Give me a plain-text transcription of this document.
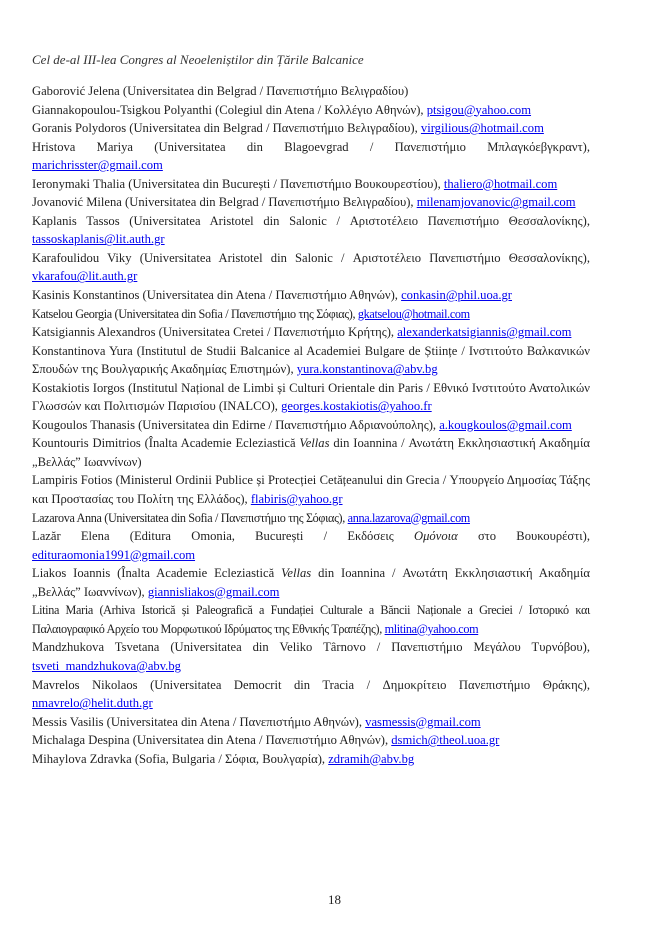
Cel de-al III-lea Congres al Neoeleniștilor din Țările Balcanice

Gaborović Jelena (Universitatea din Belgrad / Πανεπιστήμιο Βελιγραδίου)

Giannakopoulou-Tsigkou Polyanthi (Colegiul din Atena / Κολλέγιο Αθηνών), ptsigou@yahoo.com

Goranis Polydoros (Universitatea din Belgrad / Πανεπιστήμιο Βελιγραδίου), virgilious@hotmail.com

Hristova Mariya (Universitatea din Blagoevgrad / Πανεπιστήμιο Μπλαγκόεβγκραντ), marichrisster@gmail.com

Ieronymaki Thalia (Universitatea din București / Πανεπιστήμιο Βουκουρεστίου), thaliero@hotmail.com

Jovanović Milena (Universitatea din Belgrad / Πανεπιστήμιο Βελιγραδίου), milenamjovanovic@gmail.com

Kaplanis Tassos (Universitatea Aristotel din Salonic / Αριστοτέλειο Πανεπιστήμιο Θεσσαλονίκης), tassoskaplanis@lit.auth.gr

Karafoulidou Viky (Universitatea Aristotel din Salonic / Αριστοτέλειο Πανεπιστήμιο Θεσσαλονίκης), vkarafou@lit.auth.gr

Kasinis Konstantinos (Universitatea din Atena / Πανεπιστήμιο Αθηνών), conkasin@phil.uoa.gr

Katselou Georgia (Universitatea din Sofia / Πανεπιστήμιο της Σόφιας), gkatselou@hotmail.com

Katsigiannis Alexandros (Universitatea Cretei / Πανεπιστήμιο Κρήτης), alexanderkatsigiannis@gmail.com

Konstantinova Yura (Institutul de Studii Balcanice al Academiei Bulgare de Științe / Ινστιτούτο Βαλκανικών Σπουδών της Βουλγαρικής Ακαδημίας Επιστημών), yura.konstantinova@abv.bg

Kostakiotis Iorgos (Institutul Național de Limbi și Culturi Orientale din Paris / Εθνικό Ινστιτούτο Ανατολικών Γλωσσών και Πολιτισμών Παρισίου (INALCO), georges.kostakiotis@yahoo.fr

Kougoulos Thanasis (Universitatea din Edirne / Πανεπιστήμιο Αδριανούπολης), a.kougkoulos@gmail.com

Kountouris Dimitrios (Înalta Academie Ecleziastică Vellas din Ioannina / Ανωτάτη Εκκλησιαστική Ακαδημία „Βελλάς” Ιωαννίνων)

Lampiris Fotios (Ministerul Ordinii Publice și Protecției Cetățeanului din Grecia / Υπουργείο Δημοσίας Τάξης και Προστασίας του Πολίτη της Ελλάδος), flabiris@yahoo.gr

Lazarova Anna (Universitatea din Sofia / Πανεπιστήμιο της Σόφιας), anna.lazarova@gmail.com

Lazăr Elena (Editura Omonia, București / Εκδόσεις Ομόνοια στο Βουκουρέστι), edituraomonia1991@gmail.com

Liakos Ioannis (Înalta Academie Ecleziastică Vellas din Ioannina / Ανωτάτη Εκκλησιαστική Ακαδημία „Βελλάς” Ιωαννίνων), giannisliakos@gmail.com

Litina Maria (Arhiva Istorică și Paleografică a Fundației Culturale a Băncii Naționale a Greciei / Ιστορικό και Παλαιογραφικό Αρχείο του Μορφωτικού Ιδρύματος της Εθνικής Τραπέζης), mlitina@yahoo.com

Mandzhukova Tsvetana (Universitatea din Veliko Târnovo / Πανεπιστήμιο Μεγάλου Τυρνόβου), tsveti_mandzhukova@abv.bg

Mavrelos Nikolaos (Universitatea Democrit din Tracia / Δημοκρίτειο Πανεπιστήμιο Θράκης), nmavrelo@helit.duth.gr

Messis Vasilis (Universitatea din Atena / Πανεπιστήμιο Αθηνών), vasmessis@gmail.com

Michalaga Despina (Universitatea din Atena / Πανεπιστήμιο Αθηνών), dsmich@theol.uoa.gr

Mihaylova Zdravka (Sofia, Bulgaria / Σόφια, Βουλγαρία), zdramih@abv.bg

18
